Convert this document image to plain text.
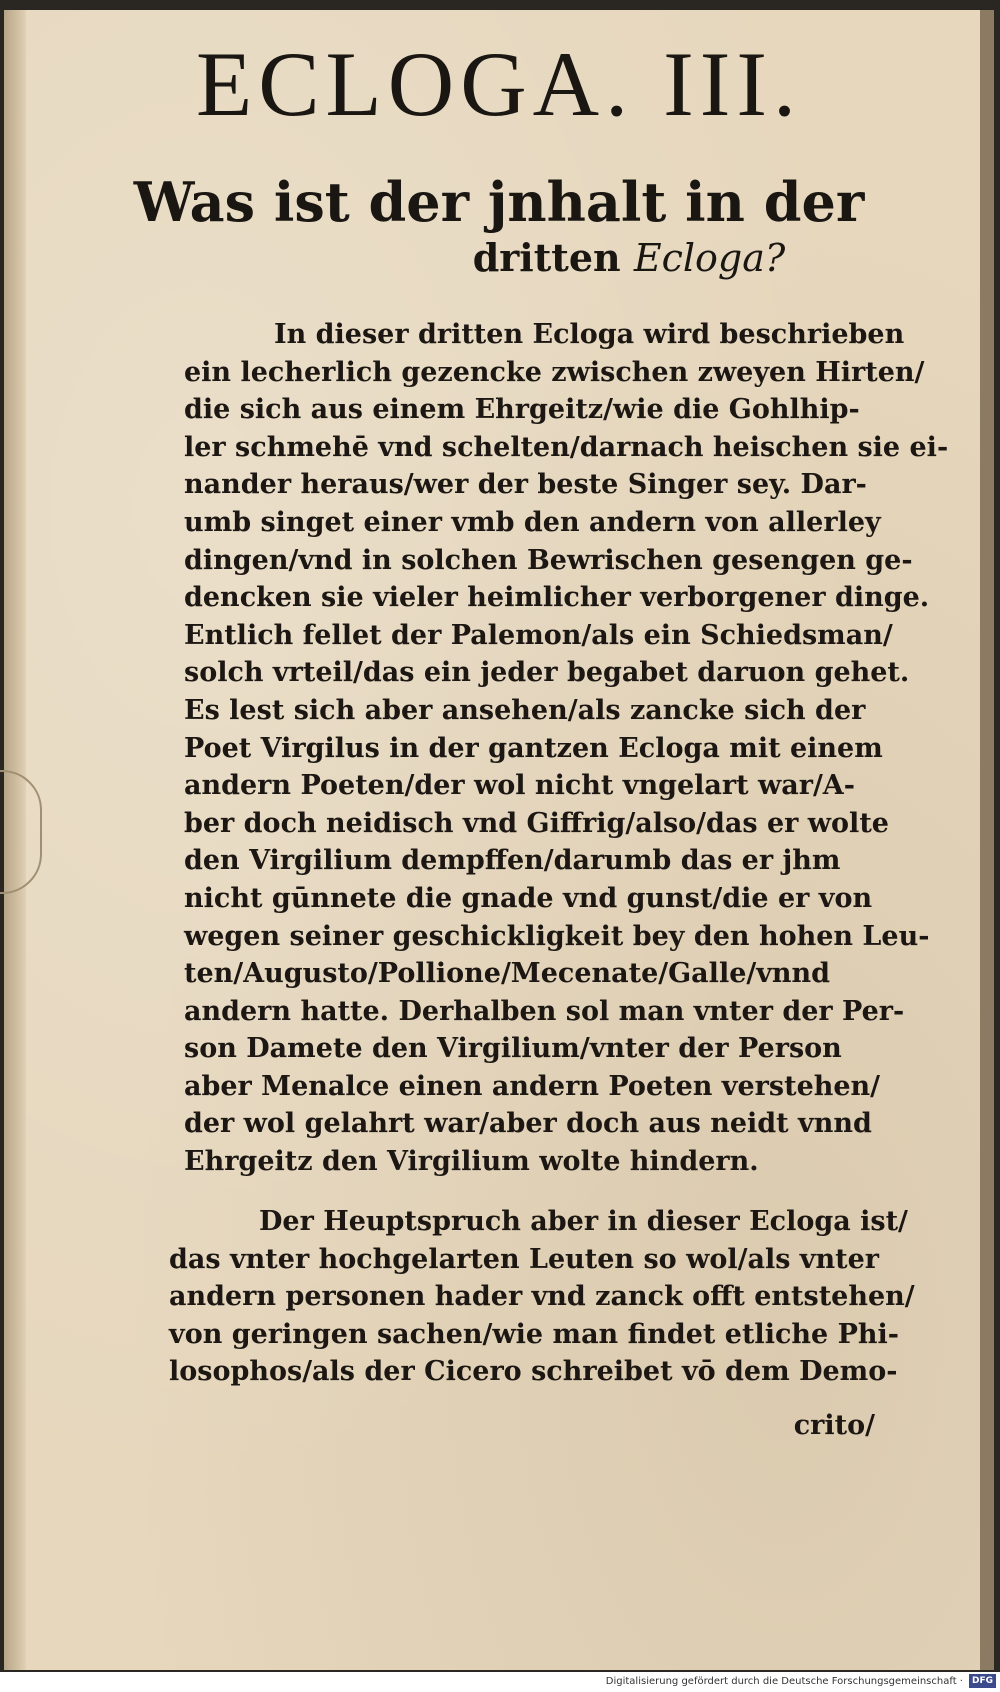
ECLOGA. III.
Was ist der jnhalt in der
dritten Ecloga?
In dieser dritten Ecloga wird beschrieben
ein lecherlich gezencke zwischen zweyen Hirten/
die sich aus einem Ehrgeitz/wie die Gohlhip-
ler schmehē vnd schelten/darnach heischen sie ei-
nander heraus/wer der beste Singer sey. Dar-
umb singet einer vmb den andern von allerley
dingen/vnd in solchen Bewrischen gesengen ge-
dencken sie vieler heimlicher verborgener dinge.
Entlich fellet der Palemon/als ein Schiedsman/
solch vrteil/das ein jeder begabet daruon gehet.
Es lest sich aber ansehen/als zancke sich der
Poet Virgilus in der gantzen Ecloga mit einem
andern Poeten/der wol nicht vngelart war/A-
ber doch neidisch vnd Giffrig/also/das er wolte
den Virgilium dempffen/darumb das er jhm
nicht gūnnete die gnade vnd gunst/die er von
wegen seiner geschickligkeit bey den hohen Leu-
ten/Augusto/Pollione/Mecenate/Galle/vnnd
andern hatte. Derhalben sol man vnter der Per-
son Damete den Virgilium/vnter der Person
aber Menalce einen andern Poeten verstehen/
der wol gelahrt war/aber doch aus neidt vnnd
Ehrgeitz den Virgilium wolte hindern.
Der Heuptspruch aber in dieser Ecloga ist/
das vnter hochgelarten Leuten so wol/als vnter
andern personen hader vnd zanck offt entstehen/
von geringen sachen/wie man findet etliche Phi-
losophos/als der Cicero schreibet vō dem Demo-
crito/
Digitalisierung gefördert durch die Deutsche Forschungsgemeinschaft · DFG
